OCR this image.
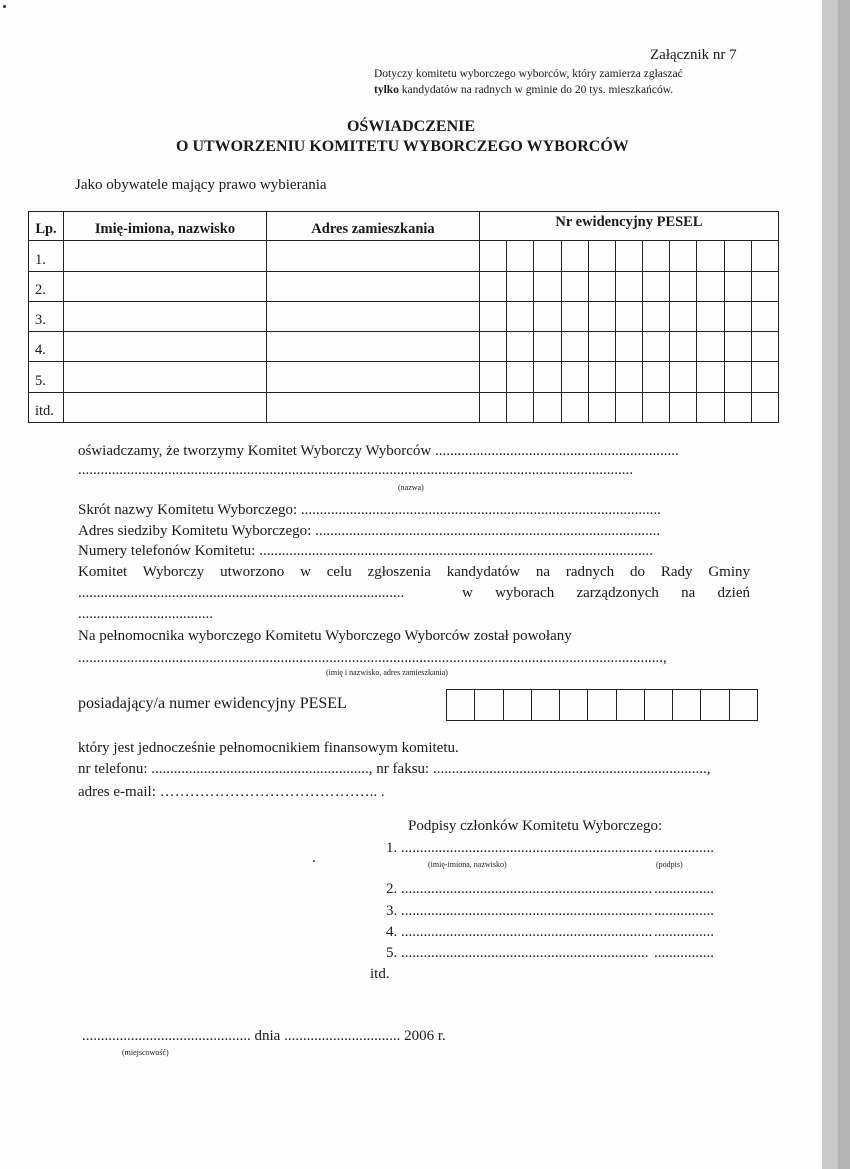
Załącznik nr 7
Dotyczy komitetu wyborczego wyborców, który zamierza zgłaszać
tylko kandydatów na radnych w gminie do 20 tys. mieszkańców.
OŚWIADCZENIE
O UTWORZENIU KOMITETU WYBORCZEGO WYBORCÓW
Jako obywatele mający prawo wybierania
Lp.	Imię-imiona, nazwisko	Adres zamieszkania	Nr ewidencyjny PESEL										
1.													
2.													
3.													
4.													
5.													
itd.													
oświadczamy, że tworzymy Komitet Wyborczy Wyborców .................................................................
....................................................................................................................................................
(nazwa)
Skrót nazwy Komitetu Wyborczego: ................................................................................................
Adres siedziby Komitetu Wyborczego: ............................................................................................
Numery telefonów Komitetu: .........................................................................................................
Komitet Wyborczy utworzono w celu zgłoszenia kandydatów na radnych do Rady Gminy
.......................................................................................	w wyborach zarządzonych na dzień
....................................
Na pełnomocnika wyborczego Komitetu Wyborczego Wyborców został powołany
............................................................................................................................................................,
(imię i nazwisko, adres zamieszkania)
posiadający/a numer ewidencyjny PESEL
który jest jednocześnie pełnomocnikiem finansowym komitetu.
nr telefonu: .........................................................., nr faksu: .........................................................................,
adres e-mail: …………………………………….. .
Podpisy członków Komitetu Wyborczego:
1. ................................................................... ................
(imię-imiona, nazwisko)	(podpis)
2. ................................................................... ................
3. ................................................................... ................
4. ................................................................... ................
5. .................................................................. ................
itd.
............................................. dnia ............................... 2006 r.
(miejscowość)
